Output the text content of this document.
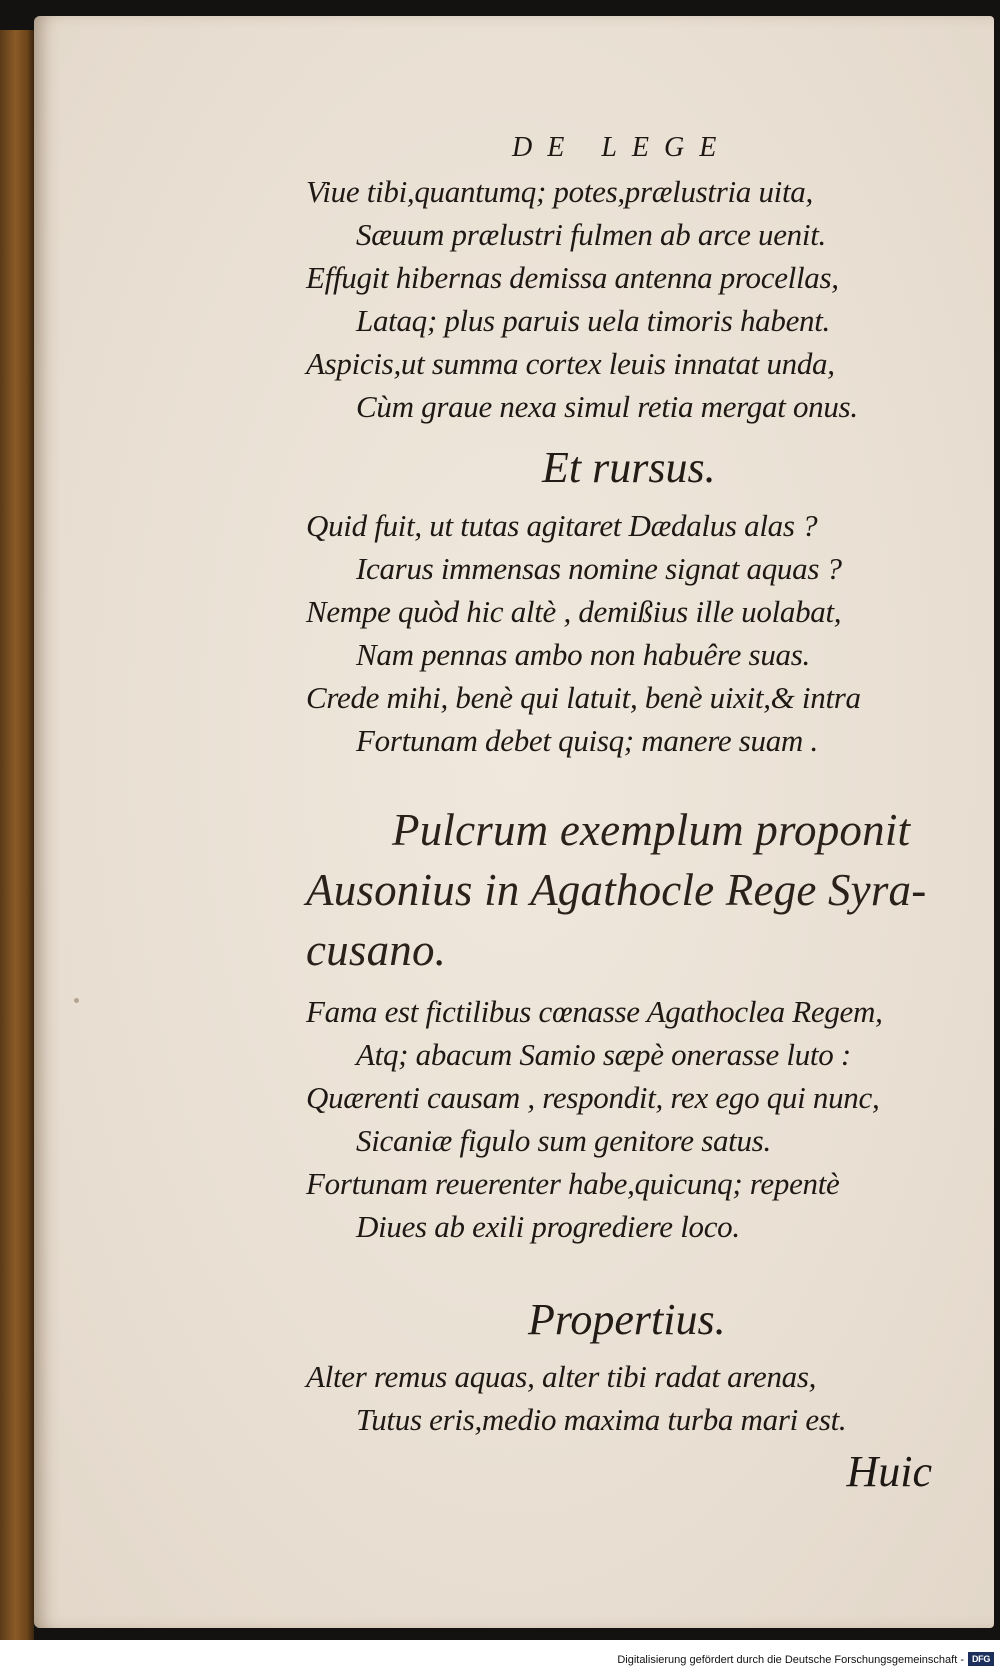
DE LEGE
Viue tibi,quantumq; potes,prælustria uita,
Sæuum prælustri fulmen ab arce uenit.
Effugit hibernas demissa antenna procellas,
Lataq; plus paruis uela timoris habent.
Aspicis,ut summa cortex leuis innatat unda,
Cùm graue nexa simul retia mergat onus.
Et rursus.
Quid fuit, ut tutas agitaret Dædalus alas ?
Icarus immensas nomine signat aquas ?
Nempe quòd hic altè , demißius ille uolabat,
Nam pennas ambo non habuêre suas.
Crede mihi, benè qui latuit, benè uixit,& intra
Fortunam debet quisq; manere suam .
Pulcrum exemplum proponit
Ausonius in Agathocle Rege Syra-
cusano.
Fama est fictilibus cœnasse Agathoclea Regem,
Atq; abacum Samio sæpè onerasse luto :
Quærenti causam , respondit, rex ego qui nunc,
Sicaniæ figulo sum genitore satus.
Fortunam reuerenter habe,quicunq; repentè
Diues ab exili progrediere loco.
Propertius.
Alter remus aquas, alter tibi radat arenas,
Tutus eris,medio maxima turba mari est.
Huic
Digitalisierung gefördert durch die Deutsche Forschungsgemeinschaft - DFG
